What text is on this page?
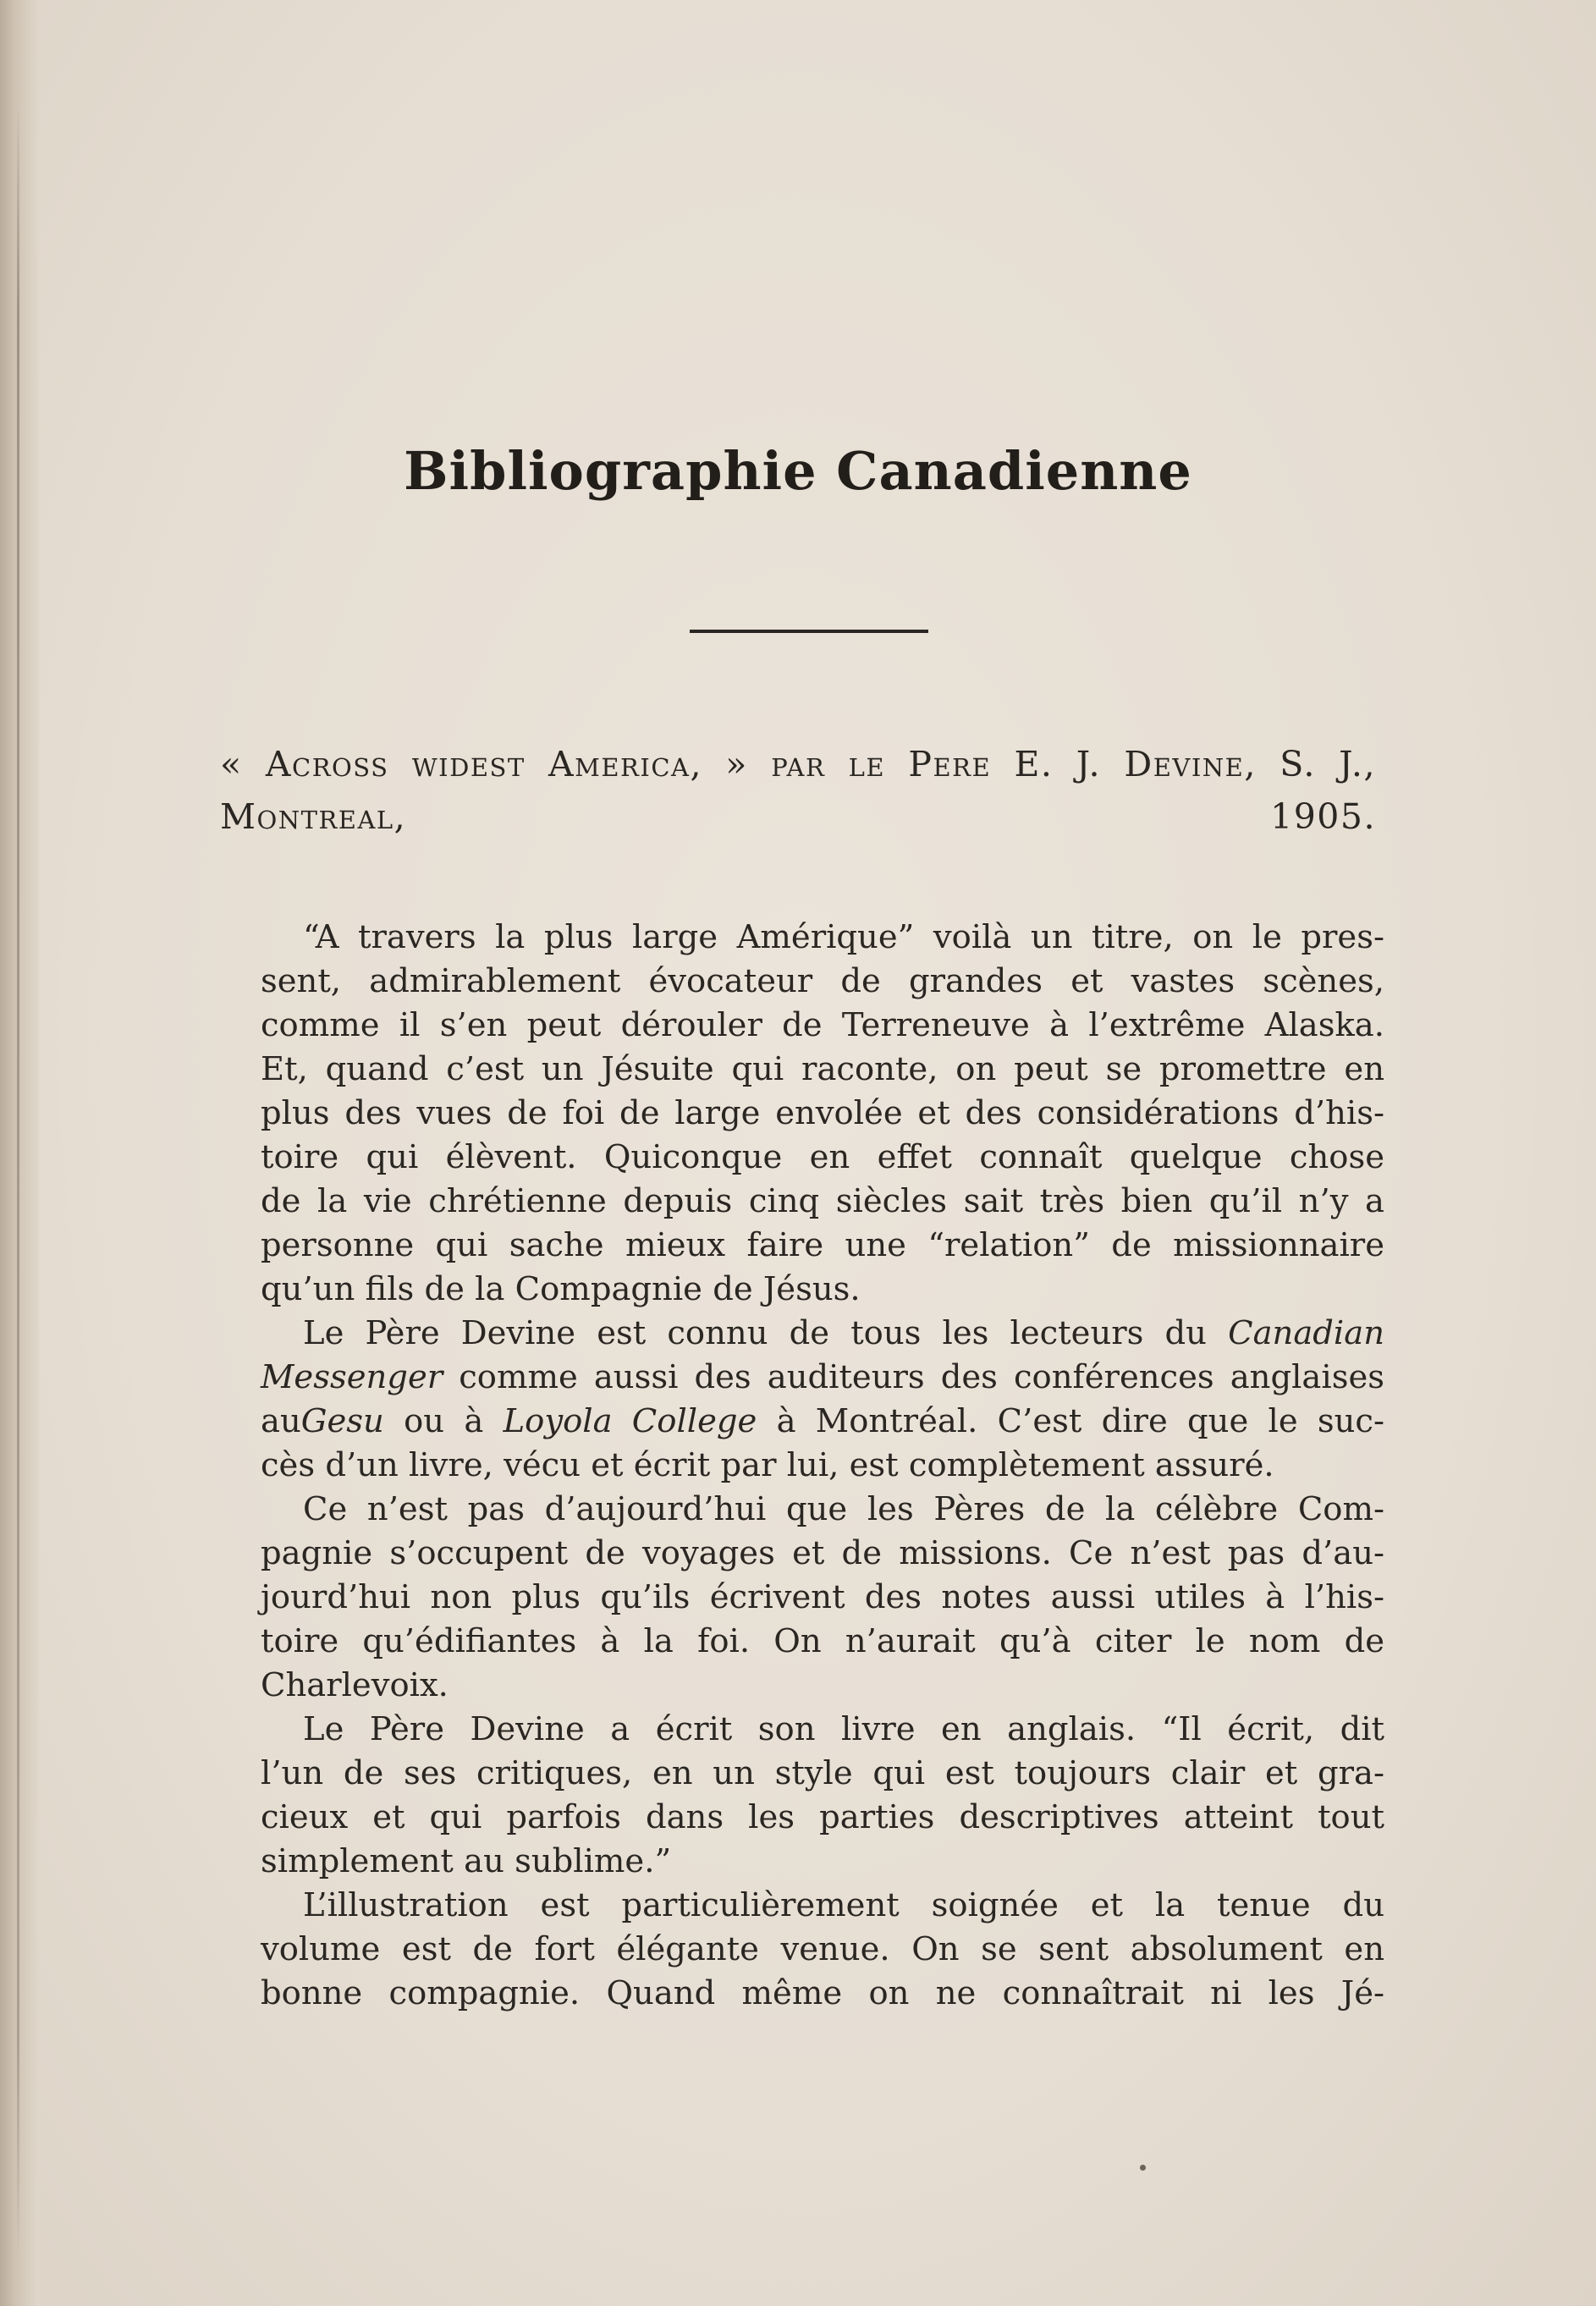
Bibliographie Canadienne
« Across widest America, » par le Pere E. J. Devine, S. J.,
Montreal, 1905.
“A travers la plus large Amérique” voilà un titre, on le pres-
sent, admirablement évocateur de grandes et vastes scènes,
comme il s’en peut dérouler de Terreneuve à l’extrême Alaska.
Et, quand c’est un Jésuite qui raconte, on peut se promettre en
plus des vues de foi de large envolée et des considérations d’his-
toire qui élèvent. Quiconque en effet connaît quelque chose
de la vie chrétienne depuis cinq siècles sait très bien qu’il n’y a
personne qui sache mieux faire une “relation” de missionnaire
qu’un fils de la Compagnie de Jésus.
Le Père Devine est connu de tous les lecteurs du Canadian
Messenger comme aussi des auditeurs des conférences anglaises
auGesu ou à Loyola College à Montréal. C’est dire que le suc-
cès d’un livre, vécu et écrit par lui, est complètement assuré.
Ce n’est pas d’aujourd’hui que les Pères de la célèbre Com-
pagnie s’occupent de voyages et de missions. Ce n’est pas d’au-
jourd’hui non plus qu’ils écrivent des notes aussi utiles à l’his-
toire qu’édifiantes à la foi. On n’aurait qu’à citer le nom de
Charlevoix.
Le Père Devine a écrit son livre en anglais. “Il écrit, dit
l’un de ses critiques, en un style qui est toujours clair et gra-
cieux et qui parfois dans les parties descriptives atteint tout
simplement au sublime.”
L’illustration est particulièrement soignée et la tenue du
volume est de fort élégante venue. On se sent absolument en
bonne compagnie. Quand même on ne connaîtrait ni les Jé-
